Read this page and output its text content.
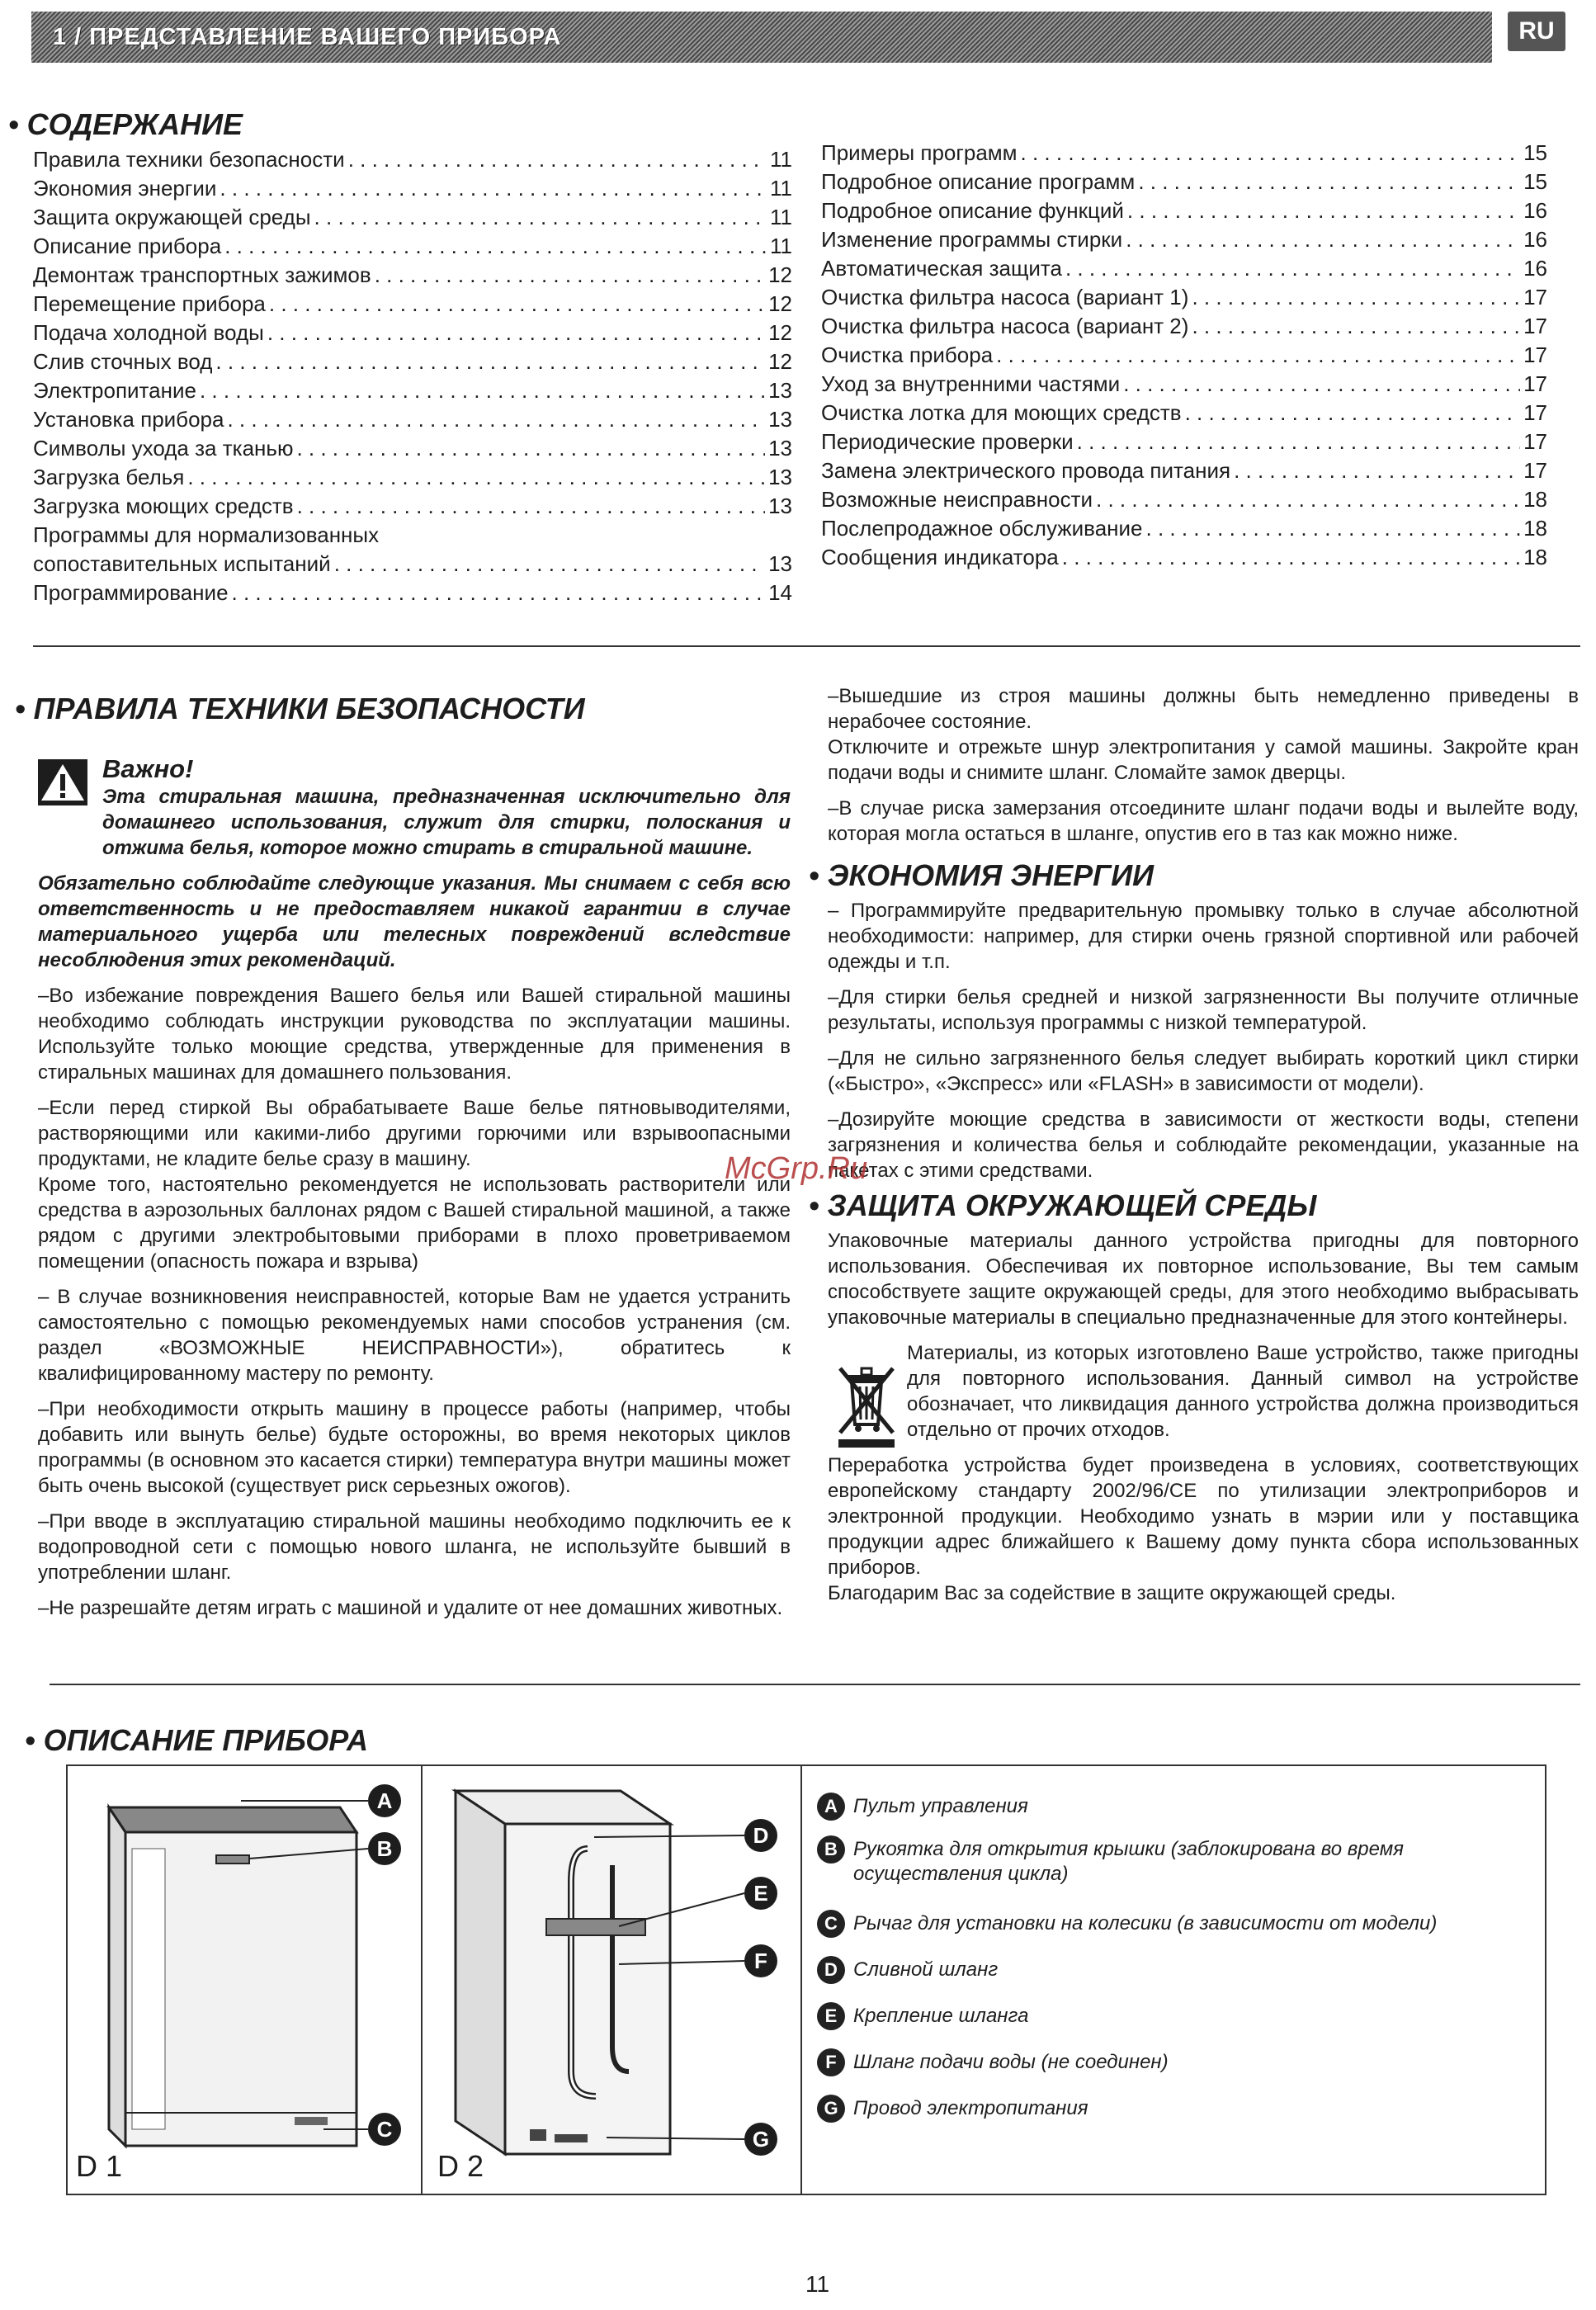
1 / ПРЕДСТАВЛЕНИЕ ВАШЕГО ПРИБОРА	RU
• СОДЕРЖАНИЕ
Правила техники безопасности . . .	11
Экономия энергии . . .	11
Защита окружающей среды . . .	11
Описание прибора . . .	11
Демонтаж транспортных зажимов . . .	12
Перемещение прибора . . .	12
Подача холодной воды . . .	12
Слив сточных вод . . .	12
Электропитание . . .	13
Установка прибора . . .	13
Символы ухода за тканью . . .	13
Загрузка белья . . .	13
Загрузка моющих средств . . .	13
Программы для нормализованных
сопоставительных испытаний . . .	13
Программирование . . .	14
Примеры программ . . .	15
Подробное описание программ . . .	15
Подробное описание функций . . .	16
Изменение программы стирки . . .	16
Автоматическая защита . . .	16
Очистка фильтра насоса (вариант 1) . . .	17
Очистка фильтра насоса (вариант 2) . . .	17
Очистка прибора . . .	17
Уход за внутренними частями . . .	17
Очистка лотка для моющих средств . . .	17
Периодические проверки . . .	17
Замена электрического провода питания . . .	17
Возможные неисправности . . .	18
Послепродажное обслуживание . . .	18
Сообщения индикатора . . .	18
• ПРАВИЛА ТЕХНИКИ БЕЗОПАСНОСТИ
Важно!

Эта стиральная машина, предназначенная исключительно для домашнего использования, служит для стирки, полоскания и отжима белья, которое можно стирать в стиральной машине.

Обязательно соблюдайте следующие указания. Мы снимаем с себя всю ответственность и не предоставляем никакой гарантии в случае материального ущерба или телесных повреждений вследствие несоблюдения этих рекомендаций.

–Во избежание повреждения Вашего белья или Вашей стиральной машины необходимо соблюдать инструкции руководства по эксплуатации машины. Используйте только моющие средства, утвержденные для применения в стиральных машинах для домашнего пользования.

–Если перед стиркой Вы обрабатываете Ваше белье пятновыводителями, растворяющими или какими-либо другими горючими или взрывоопасными продуктами, не кладите белье сразу в машину.

Кроме того, настоятельно рекомендуется не использовать растворители или средства в аэрозольных баллонах рядом с Вашей стиральной машиной, а также рядом с другими электробытовыми приборами в плохо проветриваемом помещении (опасность пожара и взрыва)

– В случае возникновения неисправностей, которые Вам не удается устранить самостоятельно с помощью рекомендуемых нами способов устранения (см. раздел «ВОЗМОЖНЫЕ НЕИСПРАВНОСТИ»), обратитесь к квалифицированному мастеру по ремонту.

–При необходимости открыть машину в процессе работы (например, чтобы добавить или вынуть белье) будьте осторожны, во время некоторых циклов программы (в основном это касается стирки) температура внутри машины может быть очень высокой (существует риск серьезных ожогов).

–При вводе в эксплуатацию стиральной машины необходимо подключить ее к водопроводной сети с помощью нового шланга, не используйте бывший в употреблении шланг.

–Не разрешайте детям играть с машиной и удалите от нее домашних животных.

–Вышедшие из строя машины должны быть немедленно приведены в нерабочее состояние.

Отключите и отрежьте шнур электропитания у самой машины. Закройте кран подачи воды и снимите шланг. Сломайте замок дверцы.

–В случае риска замерзания отсоедините шланг подачи воды и вылейте воду, которая могла остаться в шланге, опустив его в таз как можно ниже.

• ЭКОНОМИЯ ЭНЕРГИИ

– Программируйте предварительную промывку только в случае абсолютной необходимости: например, для стирки очень грязной спортивной или рабочей одежды и т.п.

–Для стирки белья средней и низкой загрязненности Вы получите отличные результаты, используя программы с низкой температурой.

–Для не сильно загрязненного белья следует выбирать короткий цикл стирки («Быстро», «Экспресс» или «FLASH» в зависимости от модели).

–Дозируйте моющие средства в зависимости от жесткости воды, степени загрязнения и количества белья и соблюдайте рекомендации, указанные на пакетах с этими средствами.

• ЗАЩИТА ОКРУЖАЮЩЕЙ СРЕДЫ

Упаковочные материалы данного устройства пригодны для повторного использования. Обеспечивая их повторное использование, Вы тем самым способствуете защите окружающей среды, для этого необходимо выбрасывать упаковочные материалы в специально предназначенные для этого контейнеры.

Материалы, из которых изготовлено Ваше устройство, также пригодны для повторного использования. Данный символ на устройстве обозначает, что ликвидация данного устройства должна производиться отдельно от прочих отходов.

Переработка устройства будет произведена в условиях, соответствующих европейскому стандарту 2002/96/CE по утилизации электроприборов и электронной продукции. Необходимо узнать в мэрии или у поставщика продукции адрес ближайшего к Вашему дому пункта сбора использованных приборов.

Благодарим Вас за содействие в защите окружающей среды.

McGrp.Ru
• ОПИСАНИЕ ПРИБОРА
A
B
C
D 1
D
E
F
G
D 2
A Пульт управления
B Рукоятка для открытия крышки (заблокирована во время осуществления цикла)
C Рычаг для установки на колесики (в зависимости от модели)
D Сливной шланг
E Крепление шланга
F Шланг подачи воды (не соединен)
G Провод электропитания
11
